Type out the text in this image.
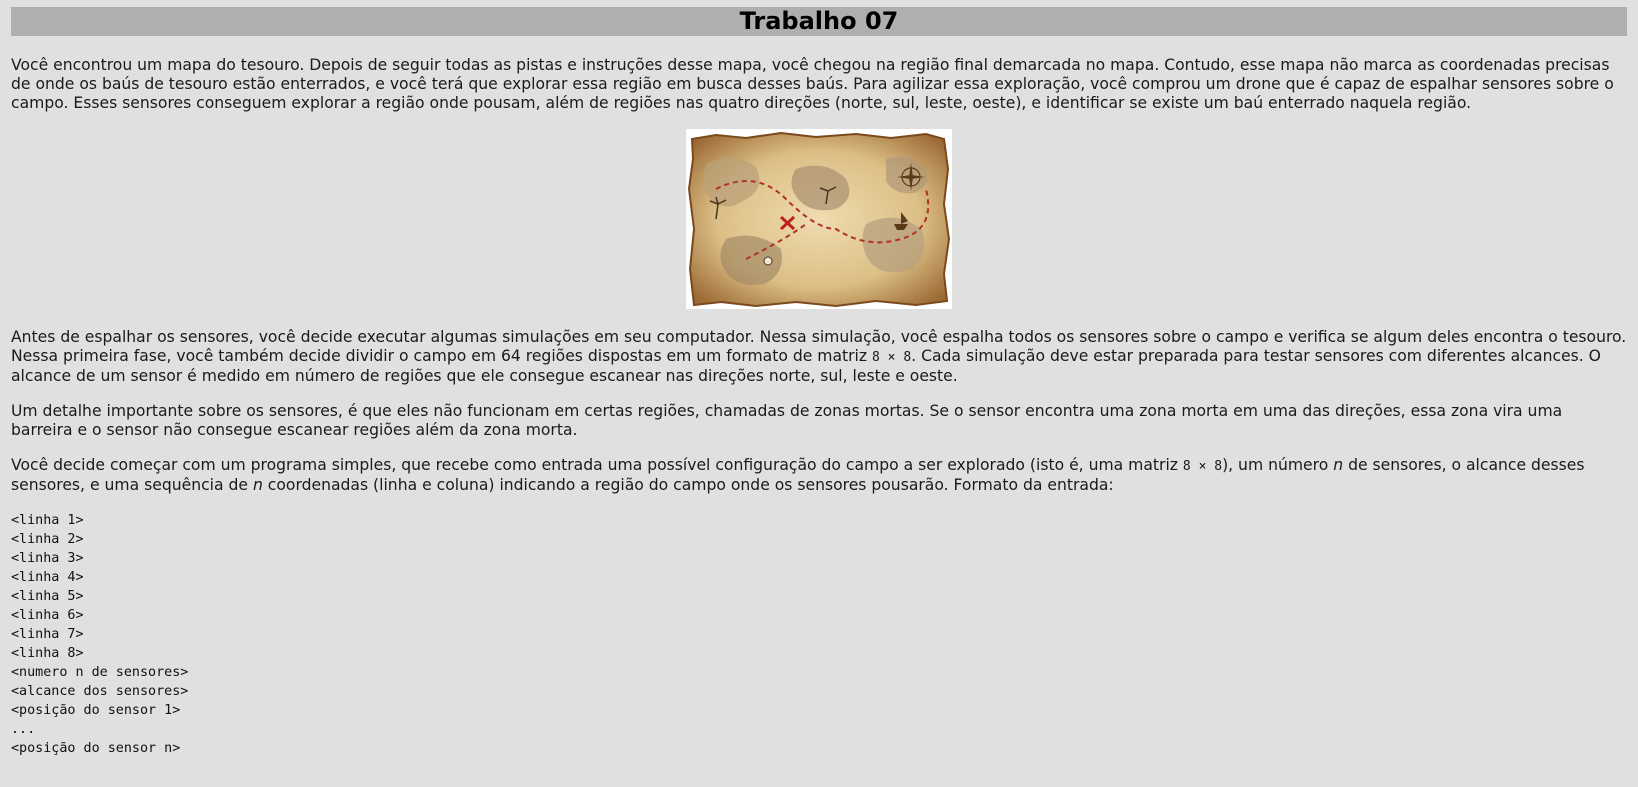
Trabalho 07

Você encontrou um mapa do tesouro. Depois de seguir todas as pistas e instruções desse mapa, você chegou na região final demarcada no mapa. Contudo, esse mapa não marca as coordenadas precisas de onde os baús de tesouro estão enterrados, e você terá que explorar essa região em busca desses baús. Para agilizar essa exploração, você comprou um drone que é capaz de espalhar sensores sobre o campo. Esses sensores conseguem explorar a região onde pousam, além de regiões nas quatro direções (norte, sul, leste, oeste), e identificar se existe um baú enterrado naquela região.

Antes de espalhar os sensores, você decide executar algumas simulações em seu computador. Nessa simulação, você espalha todos os sensores sobre o campo e verifica se algum deles encontra o tesouro. Nessa primeira fase, você também decide dividir o campo em 64 regiões dispostas em um formato de matriz 8 × 8. Cada simulação deve estar preparada para testar sensores com diferentes alcances. O alcance de um sensor é medido em número de regiões que ele consegue escanear nas direções norte, sul, leste e oeste.

Um detalhe importante sobre os sensores, é que eles não funcionam em certas regiões, chamadas de zonas mortas. Se o sensor encontra uma zona morta em uma das direções, essa zona vira uma barreira e o sensor não consegue escanear regiões além da zona morta.

Você decide começar com um programa simples, que recebe como entrada uma possível configuração do campo a ser explorado (isto é, uma matriz 8 × 8), um número n de sensores, o alcance desses sensores, e uma sequência de n coordenadas (linha e coluna) indicando a região do campo onde os sensores pousarão. Formato da entrada:

<linha 1>
<linha 2>
<linha 3>
<linha 4>
<linha 5>
<linha 6>
<linha 7>
<linha 8>
<numero n de sensores>
<alcance dos sensores>
<posição do sensor 1>
...
<posição do sensor n>
